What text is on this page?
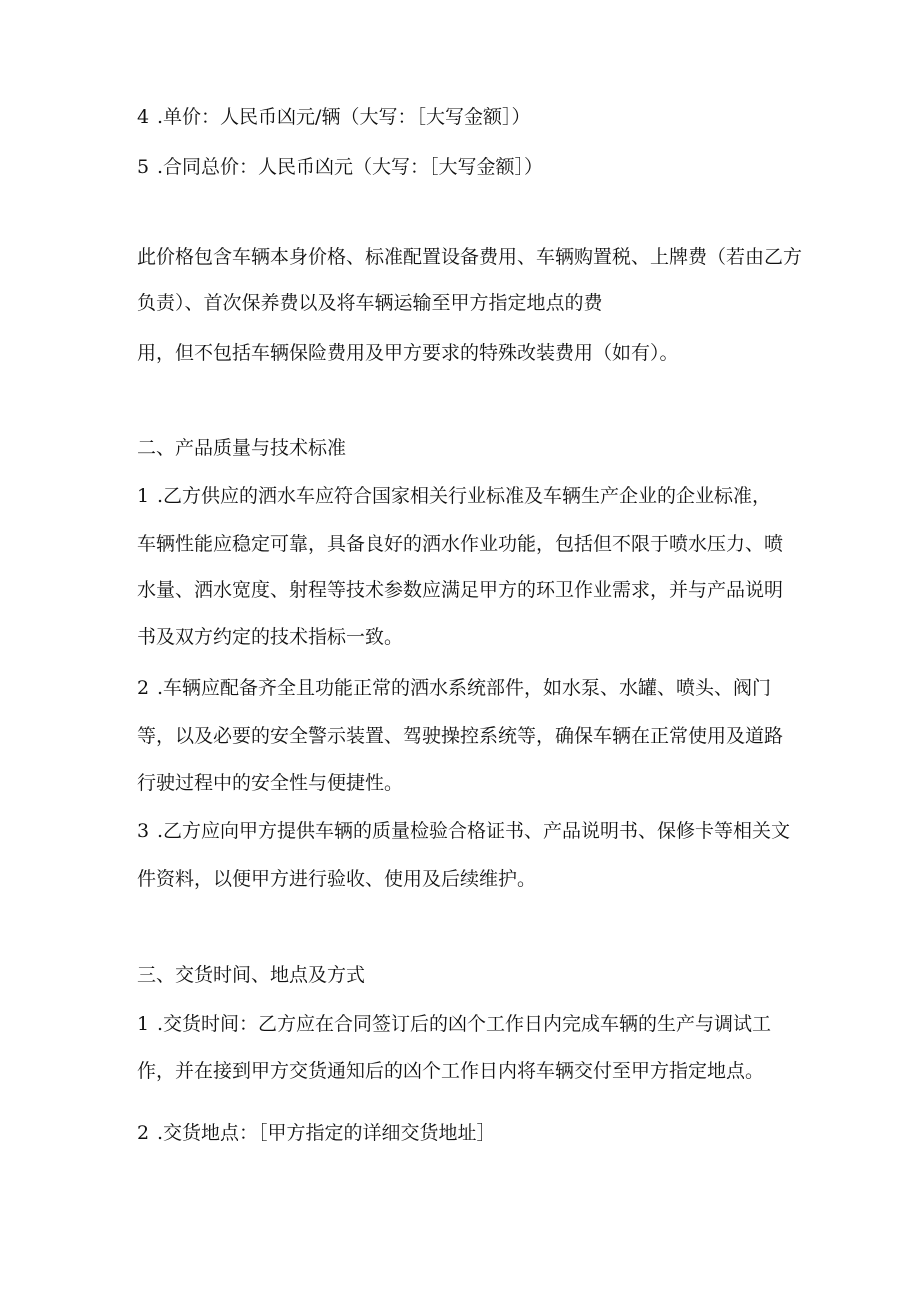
4 .单价：人民币凶元/辆（大写：［大写金额］）
5 .合同总价：人民币凶元（大写：［大写金额］）
此价格包含车辆本身价格、标准配置设备费用、车辆购置税、上牌费（若由乙方
负责）、首次保养费以及将车辆运输至甲方指定地点的费
用，但不包括车辆保险费用及甲方要求的特殊改装费用（如有）。
二、产品质量与技术标准
1 .乙方供应的洒水车应符合国家相关行业标准及车辆生产企业的企业标准，
车辆性能应稳定可靠，具备良好的洒水作业功能，包括但不限于喷水压力、喷
水量、洒水宽度、射程等技术参数应满足甲方的环卫作业需求，并与产品说明
书及双方约定的技术指标一致。
2 .车辆应配备齐全且功能正常的洒水系统部件，如水泵、水罐、喷头、阀门
等，以及必要的安全警示装置、驾驶操控系统等，确保车辆在正常使用及道路
行驶过程中的安全性与便捷性。
3 .乙方应向甲方提供车辆的质量检验合格证书、产品说明书、保修卡等相关文
件资料，以便甲方进行验收、使用及后续维护。
三、交货时间、地点及方式
1 .交货时间：乙方应在合同签订后的凶个工作日内完成车辆的生产与调试工
作，并在接到甲方交货通知后的凶个工作日内将车辆交付至甲方指定地点。
2 .交货地点：［甲方指定的详细交货地址］
